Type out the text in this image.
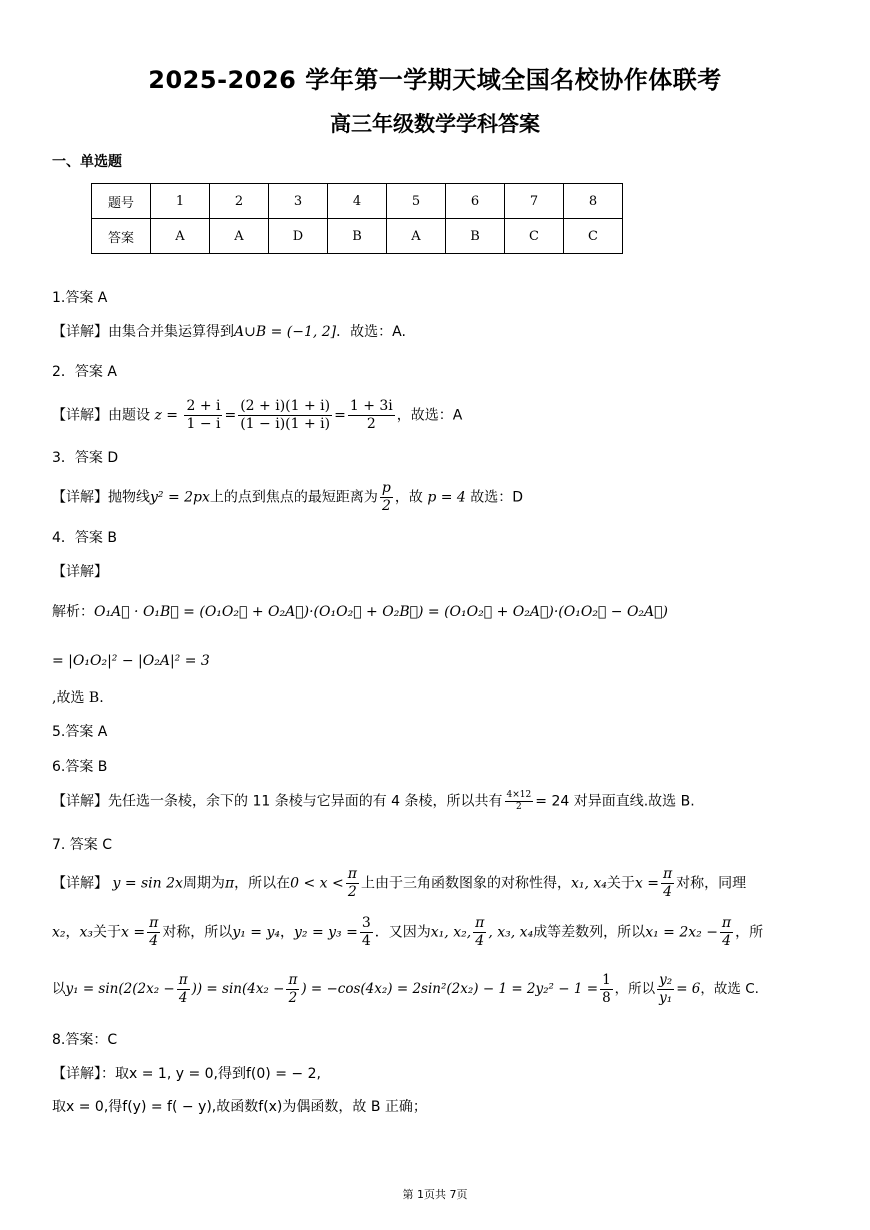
2025-2026 学年第一学期天域全国名校协作体联考
高三年级数学学科答案
一、单选题
题号	1	2	3	4	5	6	7	8
答案	A	A	D	B	A	B	C	C
1.答案 A
【详解】由集合并集运算得到A∪B = (−1, 2]．故选：A.
2．答案 A
【详解】由题设 $z = \frac{2 + i}{1 - i} = \frac{(2 + i)(1 + i)}{(1 - i)(1 + i)} = \frac{1 + 3i}{2}$ ，故选：A
3．答案 D
【详解】抛物线y² = 2px上的点到焦点的最短距离为 $\frac{p}{2}$ ，故 p = 4 故选：D
4．答案 B
【详解】
解析：O₁A⃗ · O₁B⃗ = (O₁O₂⃗ + O₂A⃗)·(O₁O₂⃗ + O₂B⃗) = (O₁O₂⃗ + O₂A⃗)·(O₁O₂⃗ − O₂A⃗)
= |O₁O₂|² − |O₂A|² = 3
,故选 B.
5.答案 A
6.答案 B
【详解】先任选一条棱，余下的 11 条棱与它异面的有 4 条棱，所以共有 $\frac{4\times 12}{2} = 24$ 对异面直线.故选 B.
7. 答案 C
【详解】 y = sin 2x周期为π，所以在$0 < x < \frac{\pi}{2}$ 上由于三角函数图象的对称性得，x₁, x₄关于$x = \frac{\pi}{4}$ 对称，同理
x₂，x₃关于$x = \frac{\pi}{4}$ 对称，所以y₁ = y₄，$y_2 = y_3 = \frac{3}{4}$ ．又因为x₁, x₂, $\frac{\pi}{4}$ , x₃, x₄成等差数列，所以$x_1 = 2x_2 - \frac{\pi}{4}$ ，所
以$y_1 = \sin(2(2x_2 - \frac{\pi}{4}$ )) = $\sin(4x_2 - \frac{\pi}{2}$ ) = $-\cos(4x_2) = 2\sin^2(2x_2) - 1 = 2y_2^2 - 1 = \frac{1}{8}$ ，所以 $\frac{\text{y₂}}{\text{y₁}} = 6$，故选 C.
8.答案：C
【详解】：取x = 1, y = 0,得到f(0) = − 2,
取x = 0,得f(y) = f( − y),故函数f(x)为偶函数，故 B 正确；
第 1页共 7页
